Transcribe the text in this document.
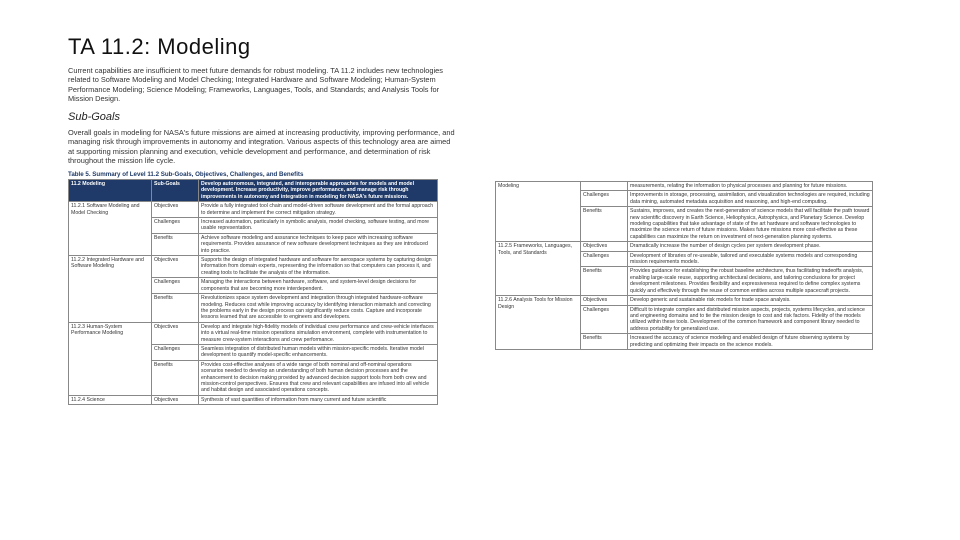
TA 11.2: Modeling
Current capabilities are insufficient to meet future demands for robust modeling. TA 11.2 includes new technologies related to Software Modeling and Model Checking; Integrated Hardware and Software Modeling; Human-System Performance Modeling; Science Modeling; Frameworks, Languages, Tools, and Standards; and Analysis Tools for Mission Design.
Sub-Goals
Overall goals in modeling for NASA's future missions are aimed at increasing productivity, improving performance, and managing risk through improvements in autonomy and integration. Various aspects of this technology area are aimed at supporting mission planning and execution, vehicle development and performance, and determination of risk throughout the mission life cycle.
Table 5. Summary of Level 11.2 Sub-Goals, Objectives, Challenges, and Benefits
11.2 Modeling	Sub-Goals	Develop autonomous, integrated, and interoperable approaches for models and model development. Increase productivity, improve performance, and manage risk through improvements in autonomy and integration in modeling for NASA's future missions.
11.2.1 Software Modeling and Model Checking	Objectives	Provide a fully integrated tool chain and model-driven software development and the formal approach to determine and implement the correct mitigation strategy.
	Challenges	Increased automation, particularly in symbolic analysis, model checking, software testing, and more usable representation.
	Benefits	Achieve software modeling and assurance techniques to keep pace with increasing software requirements. Provides assurance of new software development techniques as they are introduced into practice.
11.2.2 Integrated Hardware and Software Modeling	Objectives	Supports the design of integrated hardware and software for aerospace systems by capturing design information from domain experts, representing the information so that computers can process it, and creating tools to facilitate the analysis of the information.
	Challenges	Managing the interactions between hardware, software, and system-level design decisions for components that are becoming more interdependent.
	Benefits	Revolutionizes space system development and integration through integrated hardware-software modeling. Reduces cost while improving accuracy by identifying interaction mismatch and correcting the problems early in the design process can significantly reduce costs. Capture and incorporate lessons learned that are accessible to engineers and developers.
11.2.3 Human-System Performance Modeling	Objectives	Develop and integrate high-fidelity models of individual crew performance and crew-vehicle interfaces into a virtual real-time mission operations simulation environment, complete with instrumentation to measure crew-system interactions and crew performance.
	Challenges	Seamless integration of distributed human models within mission-specific models. Iterative model development to quantify model-specific enhancements.
	Benefits	Provides cost-effective analyses of a wide range of both nominal and off-nominal operations scenarios needed to develop an understanding of both human decision processes and the enhancement to decision making provided by advanced decision support tools from both crew and mission-control perspectives. Ensures that crew and relevant capabilities are infused into all vehicle and habitat design and associated operations concepts.
11.2.4 Science	Objectives	Synthesis of vast quantities of information from many current and future scientific
Modeling		measurements, relating the information to physical processes and planning for future missions.
	Challenges	Improvements in storage, processing, assimilation, and visualization technologies are required, including data mining, automated metadata acquisition and reasoning, and high-end computing.
	Benefits	Sustains, improves, and creates the next-generation of science models that will facilitate the path toward new scientific discovery in Earth Science, Heliophysics, Astrophysics, and Planetary Science. Develop modeling capabilities that take advantage of state of the art hardware and software technologies to maximize the science return of future missions. Makes future missions more cost-effective as these capabilities can maximize the return on investment of next-generation planning systems.
11.2.5 Frameworks, Languages, Tools, and Standards	Objectives	Dramatically increase the number of design cycles per system development phase.
	Challenges	Development of libraries of re-useable, tailored and executable systems models and corresponding mission requirements models.
	Benefits	Provides guidance for establishing the robust baseline architecture, thus facilitating tradeoffs analysis, enabling large-scale reuse, supporting architectural decisions, and tailoring conclusions for project development milestones. Provides flexibility and expressiveness required to define complex systems quickly and effectively through the reuse of common entities across multiple spacecraft projects.
11.2.6 Analysis Tools for Mission Design	Objectives	Develop generic and sustainable risk models for trade space analysis.
	Challenges	Difficult to integrate complex and distributed mission aspects, projects, systems lifecycles, and science and engineering domains and to tie the mission design to cost and risk factors. Fidelity of the models utilized within these tools. Development of the common framework and component library needed to address portability for generalized use.
	Benefits	Increased the accuracy of science modeling and enabled design of future observing systems by predicting and optimizing their impacts on the science models.
